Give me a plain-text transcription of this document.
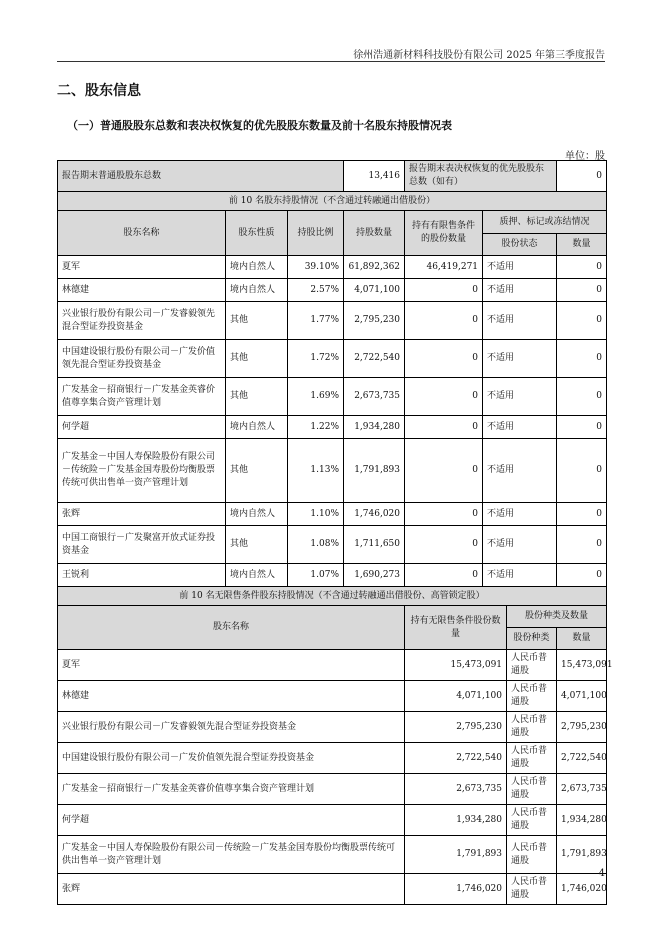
徐州浩通新材料科技股份有限公司 2025 年第三季度报告
二、股东信息
（一）普通股股东总数和表决权恢复的优先股股东数量及前十名股东持股情况表
单位：股
报告期末普通股股东总数			13,416	报告期末表决权恢复的优先股股东总数（如有）			0
前 10 名股东持股情况（不含通过转融通出借股份）							
股东名称	股东性质	持股比例	持股数量	持有有限售条件的股份数量	质押、标记或冻结情况		
					股份状态		数量
夏军	境内自然人	39.10%	61,892,362	46,419,271	不适用		0
林德建	境内自然人	2.57%	4,071,100	0	不适用		0
兴业银行股份有限公司－广发睿毅领先混合型证券投资基金	其他	1.77%	2,795,230	0	不适用		0
中国建设银行股份有限公司－广发价值领先混合型证券投资基金	其他	1.72%	2,722,540	0	不适用		0
广发基金－招商银行－广发基金英睿价值尊享集合资产管理计划	其他	1.69%	2,673,735	0	不适用		0
何学超	境内自然人	1.22%	1,934,280	0	不适用		0
广发基金－中国人寿保险股份有限公司－传统险－广发基金国寿股份均衡股票传统可供出售单一资产管理计划	其他	1.13%	1,791,893	0	不适用		0
张辉	境内自然人	1.10%	1,746,020	0	不适用		0
中国工商银行－广发聚富开放式证券投资基金	其他	1.08%	1,711,650	0	不适用		0
王锐利	境内自然人	1.07%	1,690,273	0	不适用		0
前 10 名无限售条件股东持股情况（不含通过转融通出借股份、高管锁定股）							
股东名称				持有无限售条件股份数量		股份种类及数量	
						股份种类	数量
夏军				15,473,091		人民币普通股	15,473,091
林德建				4,071,100		人民币普通股	4,071,100
兴业银行股份有限公司－广发睿毅领先混合型证券投资基金				2,795,230		人民币普通股	2,795,230
中国建设银行股份有限公司－广发价值领先混合型证券投资基金				2,722,540		人民币普通股	2,722,540
广发基金－招商银行－广发基金英睿价值尊享集合资产管理计划				2,673,735		人民币普通股	2,673,735
何学超				1,934,280		人民币普通股	1,934,280
广发基金－中国人寿保险股份有限公司－传统险－广发基金国寿股份均衡股票传统可供出售单一资产管理计划				1,791,893		人民币普通股	1,791,893
张辉				1,746,020		人民币普通股	1,746,020
4
